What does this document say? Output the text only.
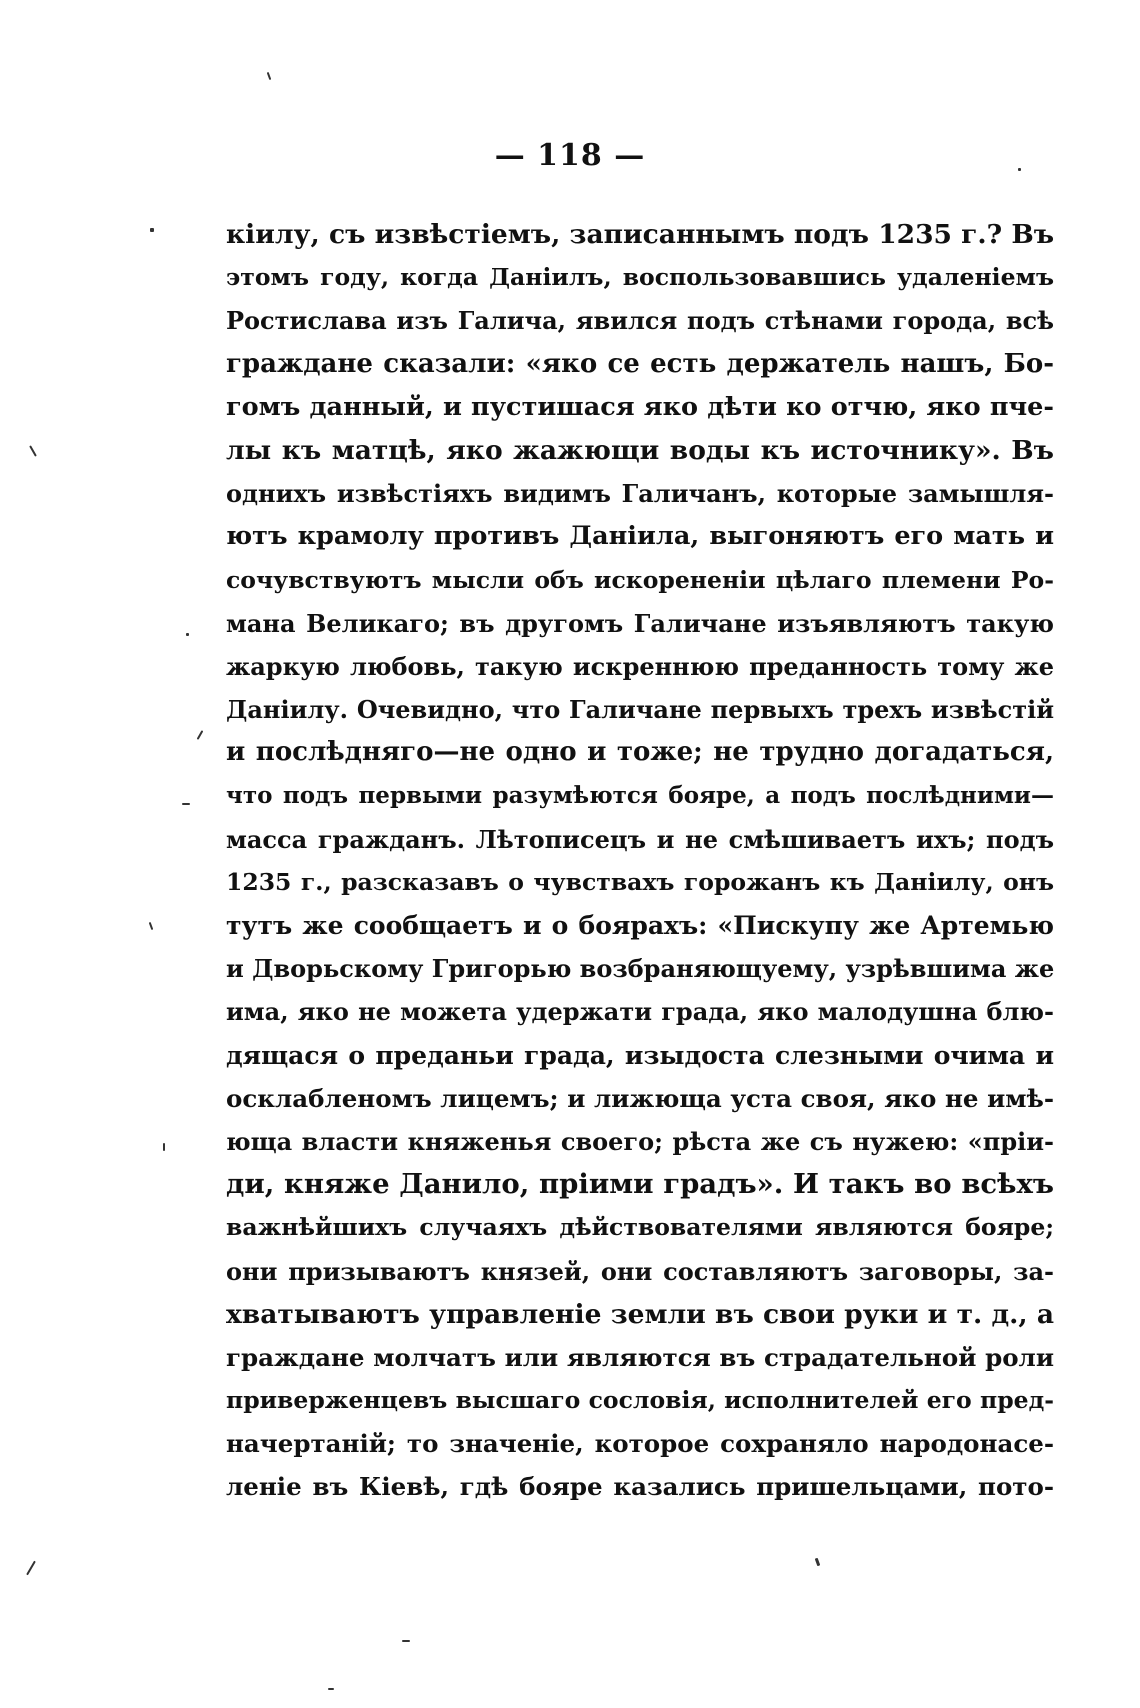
— 118 —
кiилу, съ извѣстiемъ, записаннымъ подъ 1235 г.? Въ
этомъ году, когда Данiилъ, воспользовавшись удаленiемъ
Ростислава изъ Галича, явился подъ стѣнами города, всѣ
граждане сказали: «яко се есть держатель нашъ, Бо-
гомъ данный, и пустишася яко дѣти ко отчю, яко пче-
лы къ матцѣ, яко жажющи воды къ источнику». Въ
однихъ извѣстiяхъ видимъ Галичанъ, которые замышля-
ютъ крамолу противъ Данiила, выгоняютъ его мать и
сочувствуютъ мысли объ искорененiи цѣлаго племени Ро-
мана Великаго; въ другомъ Галичане изъявляютъ такую
жаркую любовь, такую искреннюю преданность тому же
Данiилу. Очевидно, что Галичане первыхъ трехъ извѣстiй
и послѣдняго—не одно и тоже; не трудно догадаться,
что подъ первыми разумѣются бояре, а подъ послѣдними—
масса гражданъ. Лѣтописецъ и не смѣшиваетъ ихъ; подъ
1235 г., разсказавъ о чувствахъ горожанъ къ Данiилу, онъ
тутъ же сообщаетъ и о боярахъ: «Пискупу же Артемью
и Дворьскому Григорью возбраняющуему, узрѣвшима же
има, яко не можета удержати града, яко малодушна блю-
дящася о преданьи града, изыдоста слезными очима и
осклабленомъ лицемъ; и лижюща уста своя, яко не имѣ-
юща власти княженья своего; рѣста же съ нужею: «прiи-
ди, княже Данило, прiими градъ». И такъ во всѣхъ
важнѣйшихъ случаяхъ дѣйствователями являются бояре;
они призываютъ князей, они составляютъ заговоры, за-
хватываютъ управленiе земли въ свои руки и т. д., а
граждане молчатъ или являются въ страдательной роли
приверженцевъ высшаго сословiя, исполнителей его пред-
начертанiй; то значенiе, которое сохраняло народонасе-
ленiе въ Кiевѣ, гдѣ бояре казались пришельцами, пото-
